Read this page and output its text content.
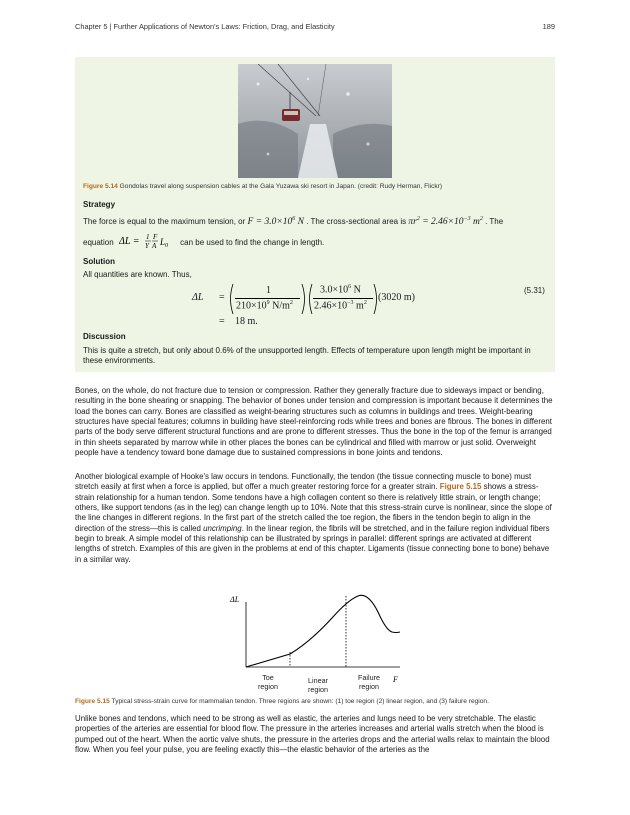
Chapter 5 | Further Applications of Newton's Laws: Friction, Drag, and Elasticity	189
Figure 5.14 Gondolas travel along suspension cables at the Gala Yuzawa ski resort in Japan. (credit: Rudy Herman, Flickr)
Strategy
The force is equal to the maximum tension, or $F = 3.0\times 10^6$ N . The cross-sectional area is $\pi r^2 = 2.46\times 10^{-3}$ $m^2$ . The
equation ΔL = 1
Y
F
A L 0 can be used to find the change in length.
Solution
All quantities are known. Thus,
(5.31)
ΔL =
1
$210\times 10^9$ $N/m^2$
$3.0\times 10^6$ N
$2.46\times 10^{-3}$ $m^2$ (3020 m)
= 18 m.
Discussion
This is quite a stretch, but only about 0.6% of the unsupported length. Effects of temperature upon length might be important in these environments.
Bones, on the whole, do not fracture due to tension or compression. Rather they generally fracture due to sideways impact or bending, resulting in the bone shearing or snapping. The behavior of bones under tension and compression is important because it determines the load the bones can carry. Bones are classified as weight-bearing structures such as columns in buildings and trees. Weight-bearing structures have special features; columns in building have steel-reinforcing rods while trees and bones are fibrous. The bones in different parts of the body serve different structural functions and are prone to different stresses. Thus the bone in the top of the femur is arranged in thin sheets separated by marrow while in other places the bones can be cylindrical and filled with marrow or just solid. Overweight people have a tendency toward bone damage due to sustained compressions in bone joints and tendons.
Another biological example of Hooke's law occurs in tendons. Functionally, the tendon (the tissue connecting muscle to bone) must stretch easily at first when a force is applied, but offer a much greater restoring force for a greater strain. Figure 5.15 shows a stress-strain relationship for a human tendon. Some tendons have a high collagen content so there is relatively little strain, or length change; others, like support tendons (as in the leg) can change length up to 10%. Note that this stress-strain curve is nonlinear, since the slope of the line changes in different regions. In the first part of the stretch called the toe region, the fibers in the tendon begin to align in the direction of the stress—this is called uncrimping. In the linear region, the fibrils will be stretched, and in the failure region individual fibers begin to break. A simple model of this relationship can be illustrated by springs in parallel: different springs are activated at different lengths of stretch. Examples of this are given in the problems at end of this chapter. Ligaments (tissue connecting bone to bone) behave in a similar way.
ΔL
Toe
region
Linear
region
Failure
region
F
Figure 5.15 Typical stress-strain curve for mammalian tendon. Three regions are shown: (1) toe region (2) linear region, and (3) failure region.
Unlike bones and tendons, which need to be strong as well as elastic, the arteries and lungs need to be very stretchable. The elastic properties of the arteries are essential for blood flow. The pressure in the arteries increases and arterial walls stretch when the blood is pumped out of the heart. When the aortic valve shuts, the pressure in the arteries drops and the arterial walls relax to maintain the blood flow. When you feel your pulse, you are feeling exactly this—the elastic behavior of the arteries as the
